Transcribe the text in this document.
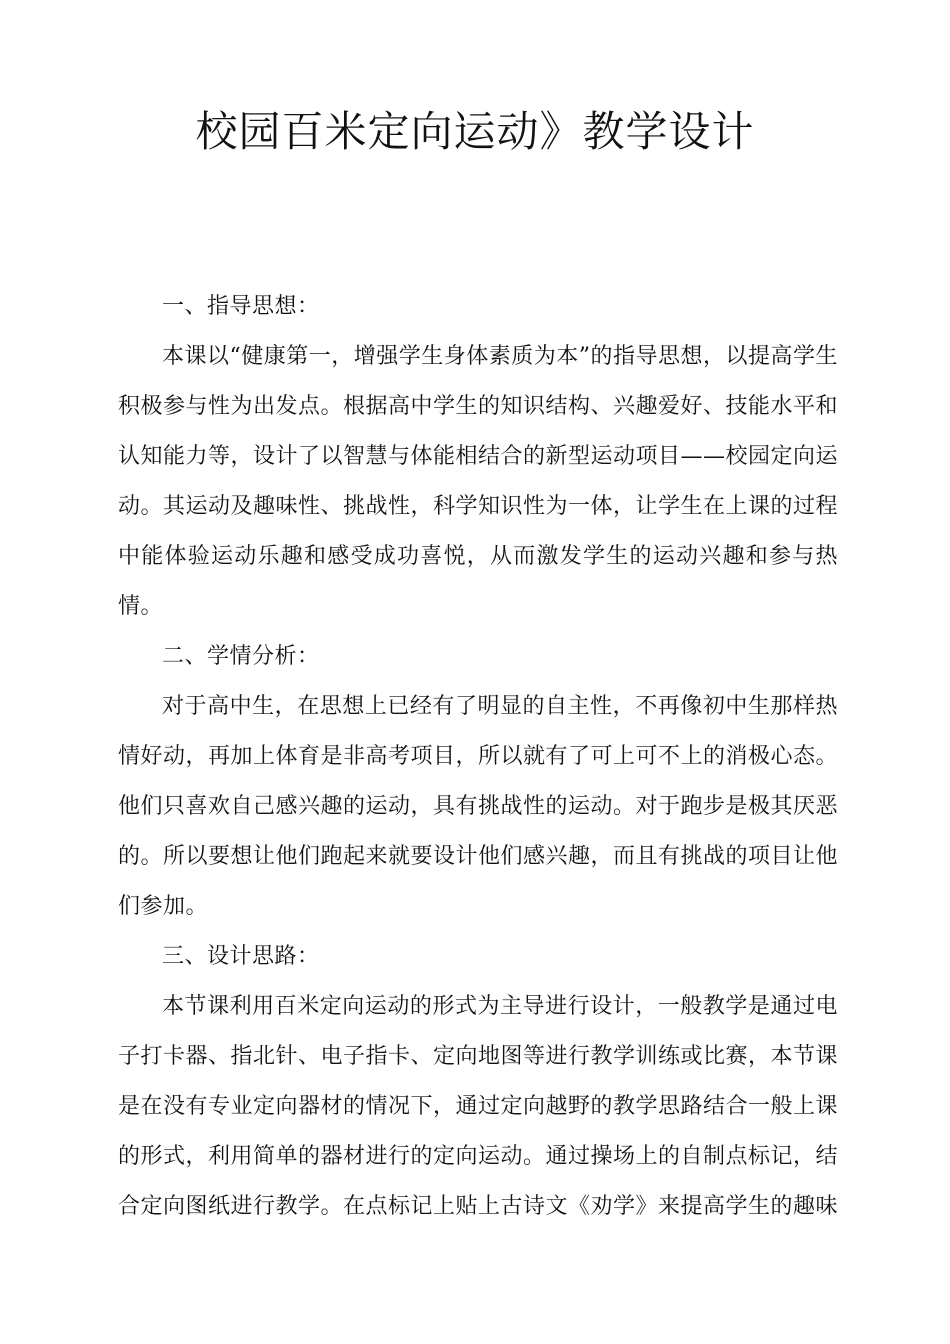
校园百米定向运动》教学设计

一、指导思想：

本课以“健康第一，增强学生身体素质为本”的指导思想，以提高学生积极参与性为出发点。根据高中学生的知识结构、兴趣爱好、技能水平和认知能力等，设计了以智慧与体能相结合的新型运动项目——校园定向运动。其运动及趣味性、挑战性，科学知识性为一体，让学生在上课的过程中能体验运动乐趣和感受成功喜悦，从而激发学生的运动兴趣和参与热情。

二、学情分析：

对于高中生，在思想上已经有了明显的自主性，不再像初中生那样热情好动，再加上体育是非高考项目，所以就有了可上可不上的消极心态。他们只喜欢自己感兴趣的运动，具有挑战性的运动。对于跑步是极其厌恶的。所以要想让他们跑起来就要设计他们感兴趣，而且有挑战的项目让他们参加。

三、设计思路：

本节课利用百米定向运动的形式为主导进行设计，一般教学是通过电子打卡器、指北针、电子指卡、定向地图等进行教学训练或比赛，本节课是在没有专业定向器材的情况下，通过定向越野的教学思路结合一般上课的形式，利用简单的器材进行的定向运动。通过操场上的自制点标记，结合定向图纸进行教学。在点标记上贴上古诗文《劝学》来提高学生的趣味
